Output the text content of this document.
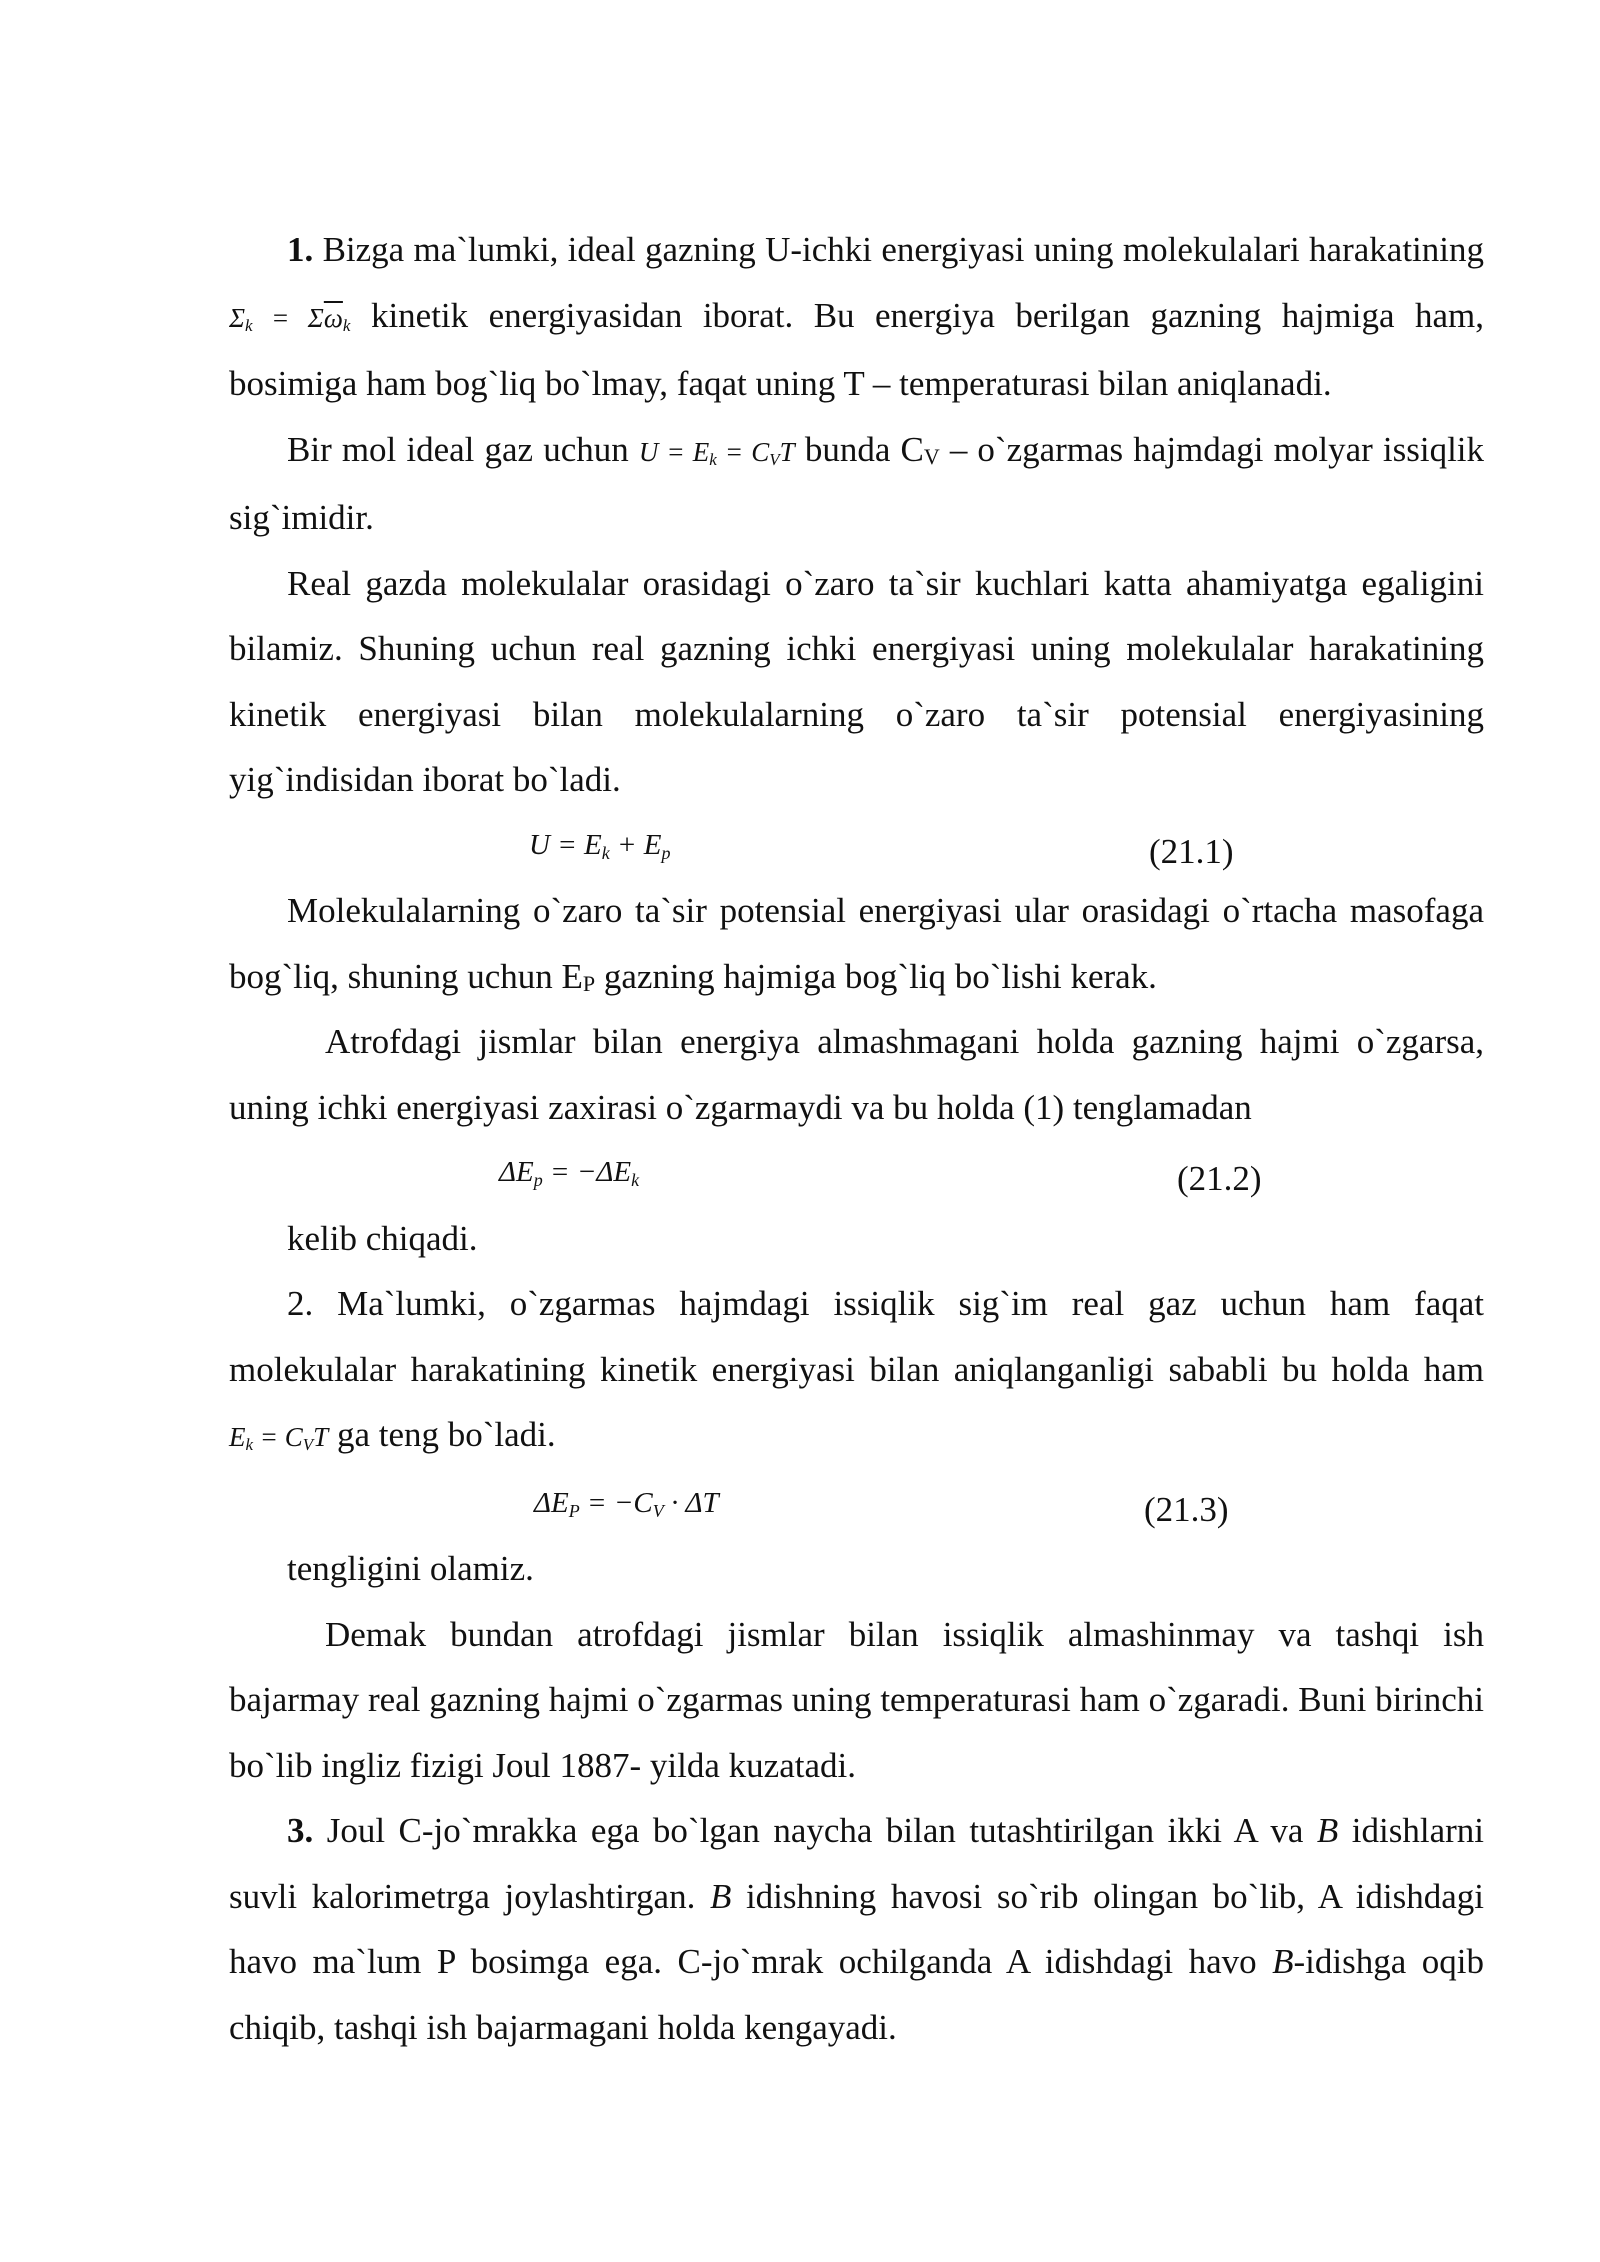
1. Bizga ma`lumki, ideal gazning U-ichki energiyasi uning molekulalari harakatining $\Sigma_k = \Sigma\overline{\omega}_k$ kinetik energiyasidan iborat. Bu energiya berilgan gazning hajmiga ham, bosimiga ham bog`liq bo`lmay, faqat uning T – temperaturasi bilan aniqlanadi.

Bir mol ideal gaz uchun $U = E_k = C_VT$ bunda CV – o`zgarmas hajmdagi molyar issiqlik sig`imidir.

Real gazda molekulalar orasidagi o`zaro ta`sir kuchlari katta ahamiyatga egaligini bilamiz. Shuning uchun real gazning ichki energiyasi uning molekulalar harakatining kinetik energiyasi bilan molekulalarning o`zaro ta`sir potensial energiyasining yig`indisidan iborat bo`ladi.

$U = E_k + E_p$	(21.1)

Molekulalarning o`zaro ta`sir potensial energiyasi ular orasidagi o`rtacha masofaga bog`liq, shuning uchun EP gazning hajmiga bog`liq bo`lishi kerak.

Atrofdagi jismlar bilan energiya almashmagani holda gazning hajmi o`zgarsa, uning ichki energiyasi zaxirasi o`zgarmaydi va bu holda (1) tenglamadan

$\Delta E_p = -\Delta E_k$	(21.2)

kelib chiqadi.

2. Ma`lumki, o`zgarmas hajmdagi issiqlik sig`im real gaz uchun ham faqat molekulalar harakatining kinetik energiyasi bilan aniqlanganligi sababli bu holda ham $E_k = C_VT$ ga teng bo`ladi.

$\Delta E_P = -C_V \cdot \Delta T$	(21.3)

tengligini olamiz.

Demak bundan atrofdagi jismlar bilan issiqlik almashinmay va tashqi ish bajarmay real gazning hajmi o`zgarmas uning temperaturasi ham o`zgaradi. Buni birinchi bo`lib ingliz fizigi Joul 1887- yilda kuzatadi.

3. Joul C-jo`mrakka ega bo`lgan naycha bilan tutashtirilgan ikki A va B idishlarni suvli kalorimetrga joylashtirgan. B idishning havosi so`rib olingan bo`lib, A idishdagi havo ma`lum P bosimga ega. C-jo`mrak ochilganda A idishdagi havo B-idishga oqib chiqib, tashqi ish bajarmagani holda kengayadi.
